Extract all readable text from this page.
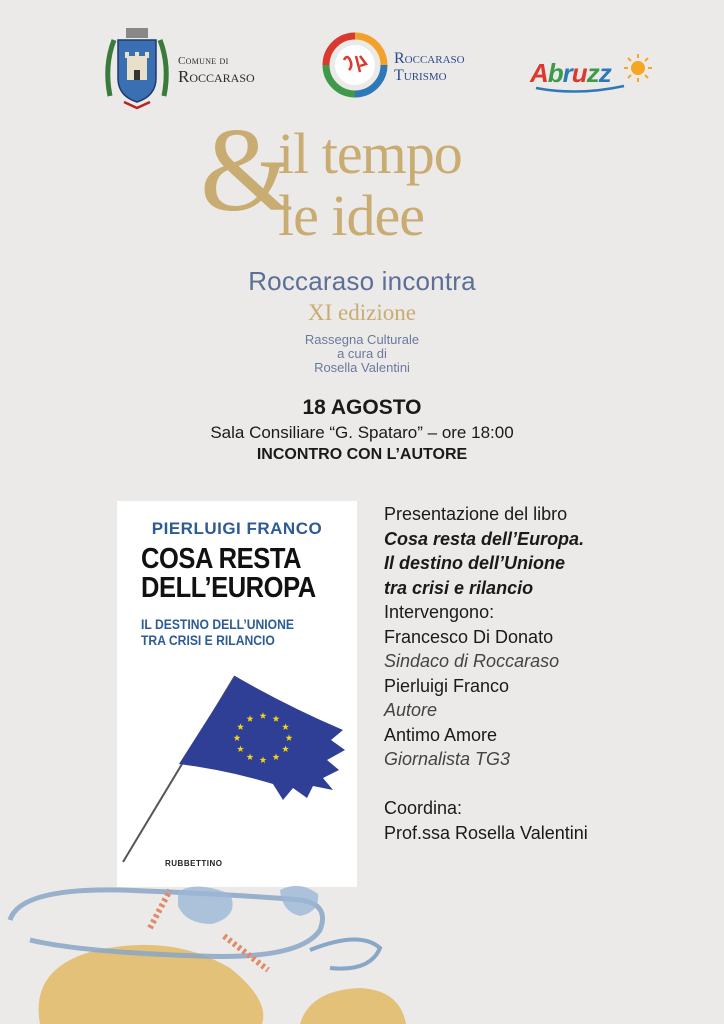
Comune di
Roccaraso
Roccaraso
Turismo	Abruzz
&
il tempo
le idee
Roccaraso incontra
XI edizione
Rassegna Culturale
a cura di
Rosella Valentini
18 AGOSTO
Sala Consiliare “G. Spataro” – ore 18:00
INCONTRO CON L’AUTORE
PIERLUIGI FRANCO
COSA RESTA
DELL’EUROPA
IL DESTINO DELL’UNIONE
TRA CRISI E RILANCIO
RUBBETTINO
Presentazione del libro
Cosa resta dell’Europa.
Il destino dell’Unione
tra crisi e rilancio
Intervengono:
Francesco Di Donato
Sindaco di Roccaraso
Pierluigi Franco
Autore
Antimo Amore
Giornalista TG3
Coordina:
Prof.ssa Rosella Valentini
